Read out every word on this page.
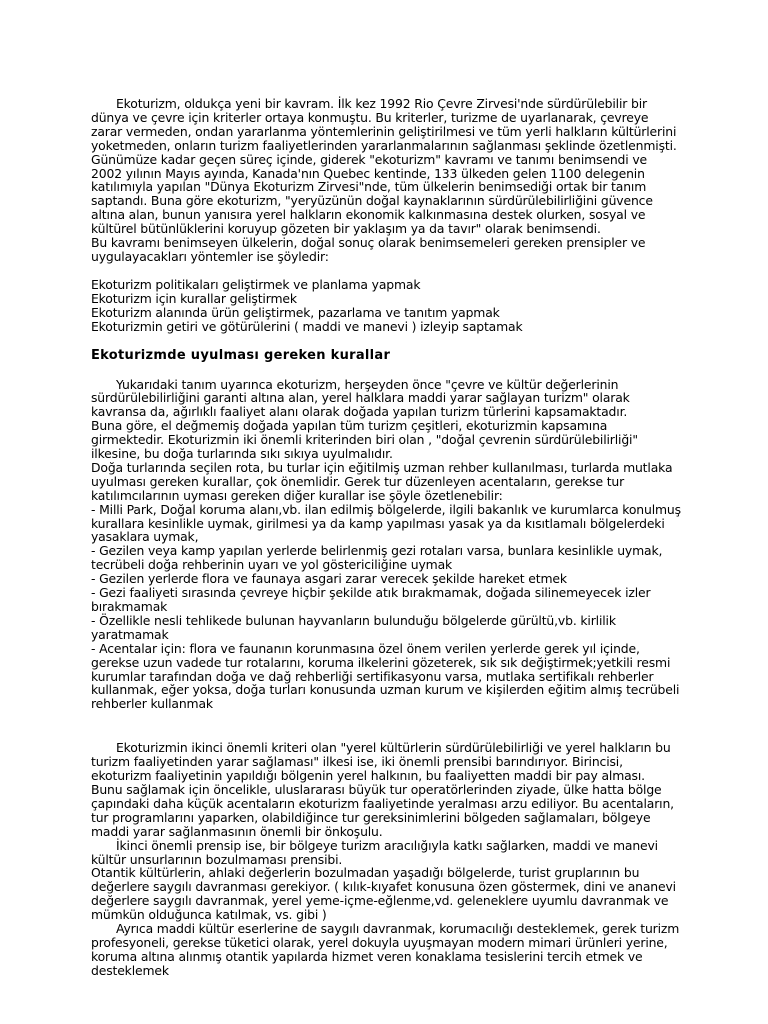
Ekoturizm, oldukça yeni bir kavram. İlk kez 1992 Rio Çevre Zirvesi'nde sürdürülebilir bir dünya ve çevre için kriterler ortaya konmuştu. Bu kriterler, turizme de uyarlanarak, çevreye zarar vermeden, ondan yararlanma yöntemlerinin geliştirilmesi ve tüm yerli halkların kültürlerini yoketmeden, onların turizm faaliyetlerinden yararlanmalarının sağlanması şeklinde özetlenmişti.

Günümüze kadar geçen süreç içinde, giderek "ekoturizm" kavramı ve tanımı benimsendi ve 2002 yılının Mayıs ayında, Kanada'nın Quebec kentinde, 133 ülkeden gelen 1100 delegenin katılımıyla yapılan "Dünya Ekoturizm Zirvesi"nde, tüm ülkelerin benimsediği ortak bir tanım saptandı. Buna göre ekoturizm, "yeryüzünün doğal kaynaklarının sürdürülebilirliğini güvence altına alan, bunun yanısıra yerel halkların ekonomik kalkınmasına destek olurken, sosyal ve kültürel bütünlüklerini koruyup gözeten bir yaklaşım ya da tavır" olarak benimsendi.

Bu kavramı benimseyen ülkelerin, doğal sonuç olarak benimsemeleri gereken prensipler ve uygulayacakları yöntemler ise şöyledir:

Ekoturizm politikaları geliştirmek ve planlama yapmak

Ekoturizm için kurallar geliştirmek

Ekoturizm alanında ürün geliştirmek, pazarlama ve tanıtım yapmak

Ekoturizmin getiri ve götürülerini ( maddi ve manevi ) izleyip saptamak

Ekoturizmde uyulması gereken kurallar

Yukarıdaki tanım uyarınca ekoturizm, herşeyden önce "çevre ve kültür değerlerinin sürdürülebilirliğini garanti altına alan, yerel halklara maddi yarar sağlayan turizm" olarak kavransa da, ağırlıklı faaliyet alanı olarak doğada yapılan turizm türlerini kapsamaktadır.

Buna göre, el değmemiş doğada yapılan tüm turizm çeşitleri, ekoturizmin kapsamına girmektedir. Ekoturizmin iki önemli kriterinden biri olan , "doğal çevrenin sürdürülebilirliği" ilkesine, bu doğa turlarında sıkı sıkıya uyulmalıdır.

Doğa turlarında seçilen rota, bu turlar için eğitilmiş uzman rehber kullanılması, turlarda mutlaka uyulması gereken kurallar, çok önemlidir. Gerek tur düzenleyen acentaların, gerekse tur katılımcılarının uyması gereken diğer kurallar ise şöyle özetlenebilir:

- Milli Park, Doğal koruma alanı,vb. ilan edilmiş bölgelerde, ilgili bakanlık ve kurumlarca konulmuş kurallara kesinlikle uymak, girilmesi ya da kamp yapılması yasak ya da kısıtlamalı bölgelerdeki yasaklara uymak,

- Gezilen veya kamp yapılan yerlerde belirlenmiş gezi rotaları varsa, bunlara kesinlikle uymak, tecrübeli doğa rehberinin uyarı ve yol göstericiliğine uymak

- Gezilen yerlerde flora ve faunaya asgari zarar verecek şekilde hareket etmek

- Gezi faaliyeti sırasında çevreye hiçbir şekilde atık bırakmamak, doğada silinemeyecek izler bırakmamak

- Özellikle nesli tehlikede bulunan hayvanların bulunduğu bölgelerde gürültü,vb. kirlilik yaratmamak

- Acentalar için: flora ve faunanın korunmasına özel önem verilen yerlerde gerek yıl içinde, gerekse uzun vadede tur rotalarını, koruma ilkelerini gözeterek, sık sık değiştirmek;yetkili resmi kurumlar tarafından doğa ve dağ rehberliği sertifikasyonu varsa, mutlaka sertifikalı rehberler kullanmak, eğer yoksa, doğa turları konusunda uzman kurum ve kişilerden eğitim almış tecrübeli rehberler kullanmak

Ekoturizmin ikinci önemli kriteri olan "yerel kültürlerin sürdürülebilirliği ve yerel halkların bu turizm faaliyetinden yarar sağlaması" ilkesi ise, iki önemli prensibi barındırıyor. Birincisi, ekoturizm faaliyetinin yapıldığı bölgenin yerel halkının, bu faaliyetten maddi bir pay alması.

Bunu sağlamak için öncelikle, uluslararası büyük tur operatörlerinden ziyade, ülke hatta bölge çapındaki daha küçük acentaların ekoturizm faaliyetinde yeralması arzu ediliyor. Bu acentaların, tur programlarını yaparken, olabildiğince tur gereksinimlerini bölgeden sağlamaları, bölgeye maddi yarar sağlanmasının önemli bir önkoşulu.

İkinci önemli prensip ise, bir bölgeye turizm aracılığıyla katkı sağlarken, maddi ve manevi kültür unsurlarının bozulmaması prensibi.

Otantik kültürlerin, ahlaki değerlerin bozulmadan yaşadığı bölgelerde, turist gruplarının bu değerlere saygılı davranması gerekiyor. ( kılık-kıyafet konusuna özen göstermek, dini ve ananevi değerlere saygılı davranmak, yerel yeme-içme-eğlenme,vd. geleneklere uyumlu davranmak ve mümkün olduğunca katılmak, vs. gibi )

Ayrıca maddi kültür eserlerine de saygılı davranmak, korumacılığı desteklemek, gerek turizm profesyoneli, gerekse tüketici olarak, yerel dokuyla uyuşmayan modern mimari ürünleri yerine, koruma altına alınmış otantik yapılarda hizmet veren konaklama tesislerini tercih etmek ve desteklemek
